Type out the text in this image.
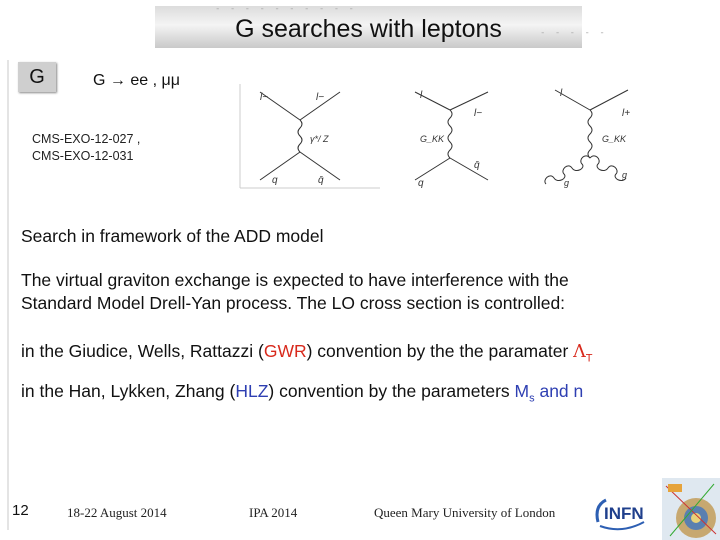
G searches with leptons
- - - - - - - - - -
- - - - -
G	G → ee , μμ
CMS-EXO-12-027 ,
CMS-EXO-12-031
l−	l−
γ*/ Z
q	q̄
l
l−
G_KK
q̄
q
l
l+
G_KK
g
g
Search in framework of the ADD model
The virtual graviton exchange is expected to have interference with the
Standard Model Drell-Yan process. The LO cross section is controlled:
in the Giudice, Wells, Rattazzi (GWR) convention by the the paramater $\Lambda_T$
in the Han, Lykken, Zhang (HLZ) convention by the parameters $M_s$ and n
12	18-22 August 2014	IPA 2014	Queen Mary University of London	INFN
